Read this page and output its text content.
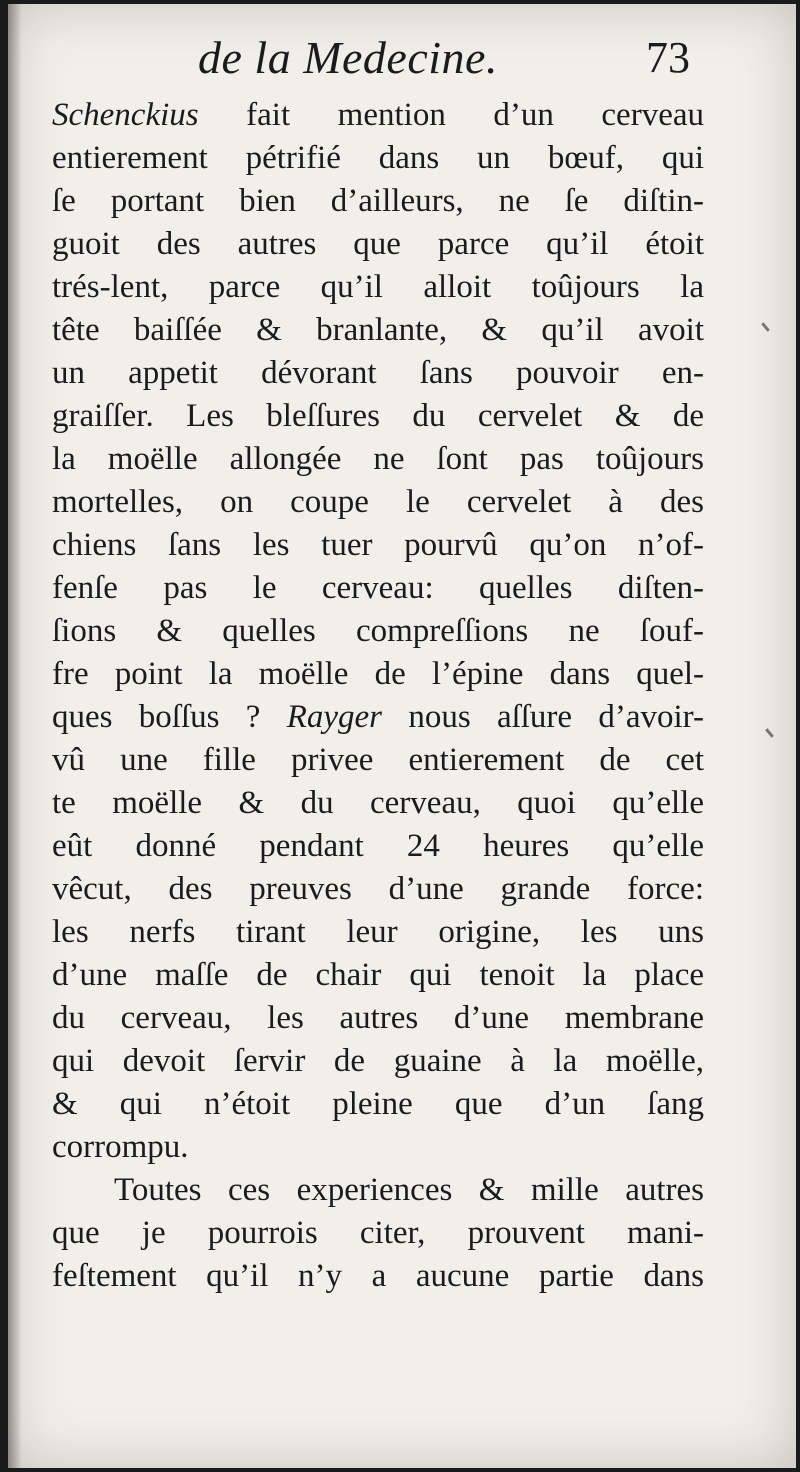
de la Medecine.	73
Schenckius fait mention d’un cerveau
entierement pétrifié dans un bœuf, qui
ſe portant bien d’ailleurs, ne ſe diſtin-
guoit des autres que parce qu’il étoit
trés-lent, parce qu’il alloit toûjours la
tête baiſſée & branlante, & qu’il avoit
un appetit dévorant ſans pouvoir en-
graiſſer. Les bleſſures du cervelet & de
la moëlle allongée ne ſont pas toûjours
mortelles, on coupe le cervelet à des
chiens ſans les tuer pourvû qu’on n’of-
fenſe pas le cerveau: quelles diſten-
ſions & quelles compreſſions ne ſouf-
fre point la moëlle de l’épine dans quel-
ques boſſus ? Rayger nous aſſure d’avoir-
vû une fille privee entierement de cet
te moëlle & du cerveau, quoi qu’elle
eût donné pendant 24 heures qu’elle
vêcut, des preuves d’une grande force:
les nerfs tirant leur origine, les uns
d’une maſſe de chair qui tenoit la place
du cerveau, les autres d’une membrane
qui devoit ſervir de guaine à la moëlle,
& qui n’étoit pleine que d’un ſang
corrompu.
Toutes ces experiences & mille autres
que je pourrois citer, prouvent mani-
feſtement qu’il n’y a aucune partie dans
